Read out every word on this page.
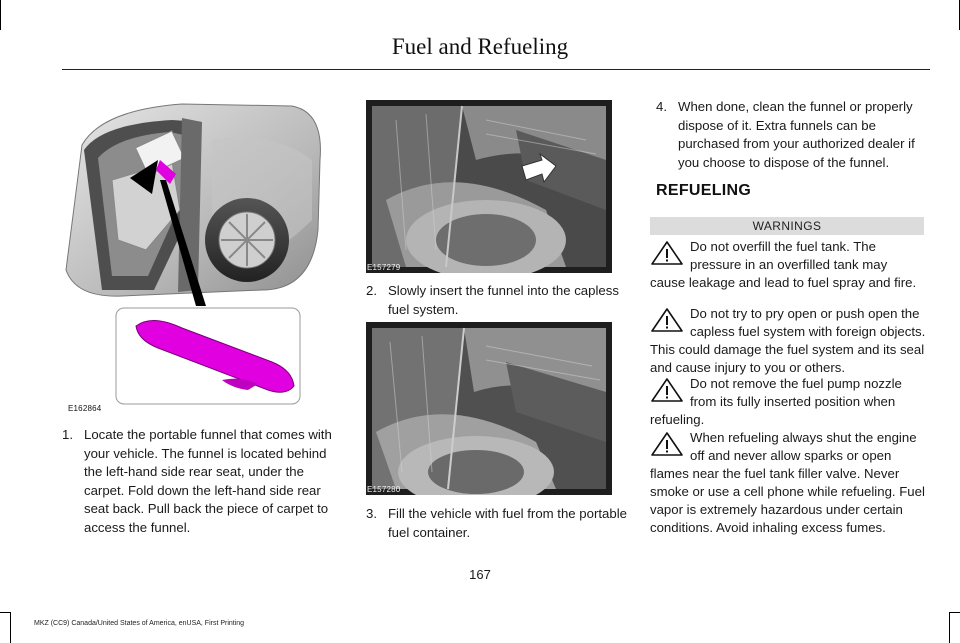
Fuel and Refueling
E162864
E157279
2. Slowly insert the funnel into the capless fuel system.
E157280
1. Locate the portable funnel that comes with your vehicle. The funnel is located behind the left-hand side rear seat, under the carpet. Fold down the left-hand side rear seat back. Pull back the piece of carpet to access the funnel.
3. Fill the vehicle with fuel from the portable fuel container.
4. When done, clean the funnel or properly dispose of it. Extra funnels can be purchased from your authorized dealer if you choose to dispose of the funnel.
REFUELING
WARNINGS
Do not overfill the fuel tank. The pressure in an overfilled tank may cause leakage and lead to fuel spray and fire.
Do not try to pry open or push open the capless fuel system with foreign objects. This could damage the fuel system and its seal and cause injury to you or others.
Do not remove the fuel pump nozzle from its fully inserted position when refueling.
When refueling always shut the engine off and never allow sparks or open flames near the fuel tank filler valve. Never smoke or use a cell phone while refueling. Fuel vapor is extremely hazardous under certain conditions. Avoid inhaling excess fumes.
167
MKZ (CC9) Canada/United States of America, enUSA, First Printing
